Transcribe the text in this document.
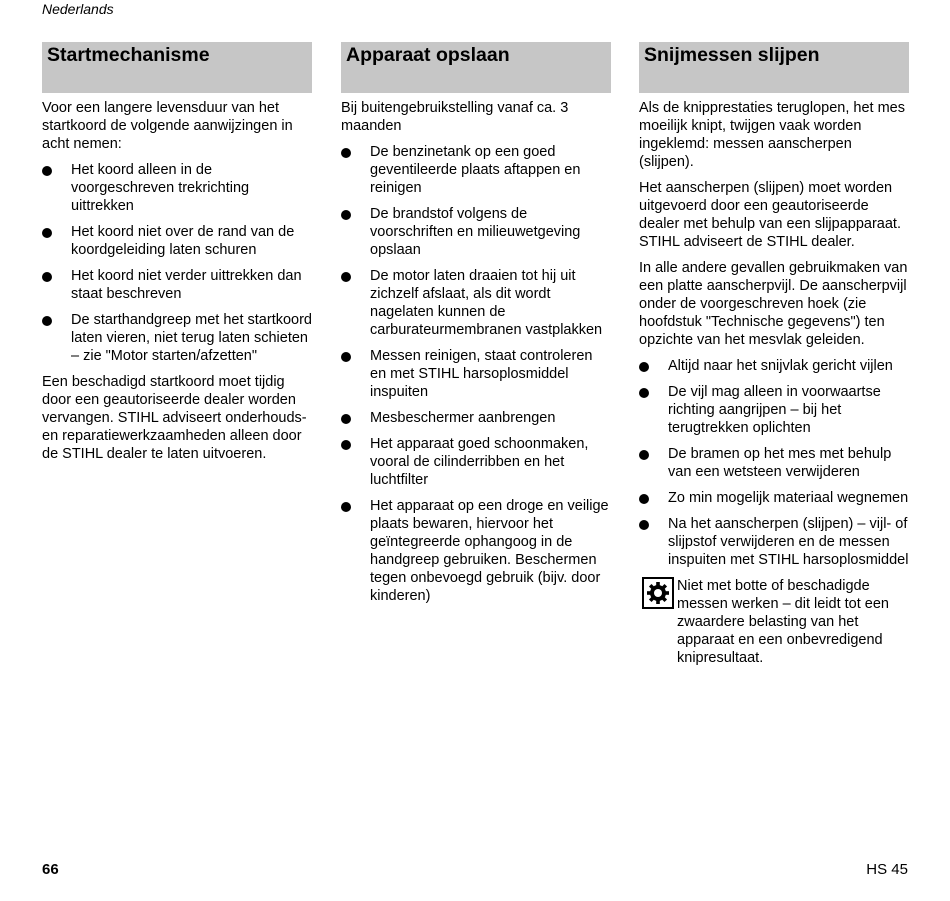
Nederlands
Startmechanisme

Voor een langere levensduur van het startkoord de volgende aanwijzingen in acht nemen:

Het koord alleen in de voorgeschreven trekrichting uittrekken
Het koord niet over de rand van de koordgeleiding laten schuren
Het koord niet verder uittrekken dan staat beschreven
De starthandgreep met het startkoord laten vieren, niet terug laten schieten – zie "Motor starten/afzetten"

Een beschadigd startkoord moet tijdig door een geautoriseerde dealer worden vervangen. STIHL adviseert onderhouds- en reparatiewerkzaamheden alleen door de STIHL dealer te laten uitvoeren.

Apparaat opslaan

Bij buitengebruikstelling vanaf ca. 3 maanden

De benzinetank op een goed geventileerde plaats aftappen en reinigen
De brandstof volgens de voorschriften en milieuwetgeving opslaan
De motor laten draaien tot hij uit zichzelf afslaat, als dit wordt nagelaten kunnen de carburateurmembranen vastplakken
Messen reinigen, staat controleren en met STIHL harsoplosmiddel inspuiten
Mesbeschermer aanbrengen
Het apparaat goed schoonmaken, vooral de cilinderribben en het luchtfilter
Het apparaat op een droge en veilige plaats bewaren, hiervoor het geïntegreerde ophangoog in de handgreep gebruiken. Beschermen tegen onbevoegd gebruik (bijv. door kinderen)
Snijmessen slijpen

Als de knipprestaties teruglopen, het mes moeilijk knipt, twijgen vaak worden ingeklemd: messen aanscherpen (slijpen).

Het aanscherpen (slijpen) moet worden uitgevoerd door een geautoriseerde dealer met behulp van een slijpapparaat. STIHL adviseert de STIHL dealer.

In alle andere gevallen gebruikmaken van een platte aanscherpvijl. De aanscherpvijl onder de voorgeschreven hoek (zie hoofdstuk "Technische gegevens") ten opzichte van het mesvlak geleiden.

Altijd naar het snijvlak gericht vijlen
De vijl mag alleen in voorwaartse richting aangrijpen – bij het terugtrekken oplichten
De bramen op het mes met behulp van een wetsteen verwijderen
Zo min mogelijk materiaal wegnemen
Na het aanscherpen (slijpen) – vijl- of slijpstof verwijderen en de messen inspuiten met STIHL harsoplosmiddel
Niet met botte of beschadigde messen werken – dit leidt tot een zwaardere belasting van het apparaat en een onbevredigend knipresultaat.
66	HS 45
